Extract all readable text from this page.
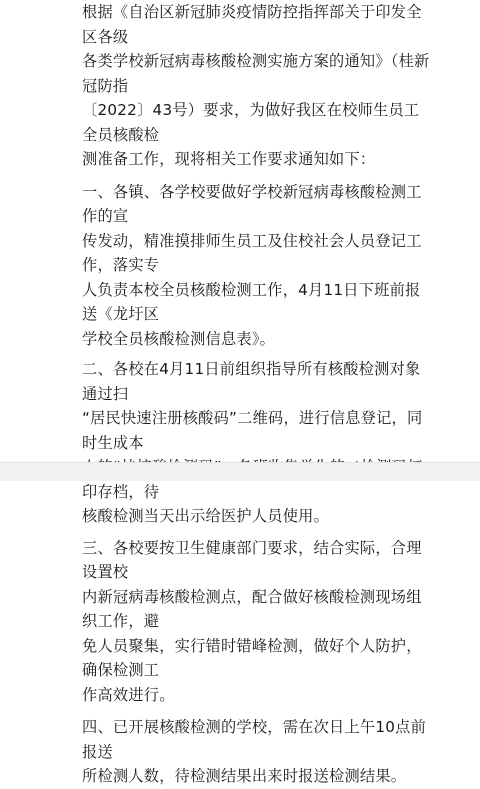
根据《自治区新冠肺炎疫情防控指挥部关于印发全区各级
各类学校新冠病毒核酸检测实施方案的通知》（桂新冠防指
〔2022〕43号）要求，为做好我区在校师生员工全员核酸检
测准备工作，现将相关工作要求通知如下：

一、各镇、各学校要做好学校新冠病毒核酸检测工作的宣
传发动，精准摸排师生员工及住校社会人员登记工作，落实专
人负责本校全员核酸检测工作，4月11日下班前报送《龙圩区
学校全员核酸检测信息表》。

二、各校在4月11日前组织指导所有核酸检测对象通过扫
“居民快速注册核酸码”二维码，进行信息登记，同时生成本
印存档，待
核酸检测当天出示给医护人员使用。

三、各校要按卫生健康部门要求，结合实际，合理设置校
内新冠病毒核酸检测点，配合做好核酸检测现场组织工作，避
免人员聚集，实行错时错峰检测，做好个人防护，确保检测工
作高效进行。

四、已开展核酸检测的学校，需在次日上午10点前报送
所检测人数，待检测结果出来时报送检测结果。
